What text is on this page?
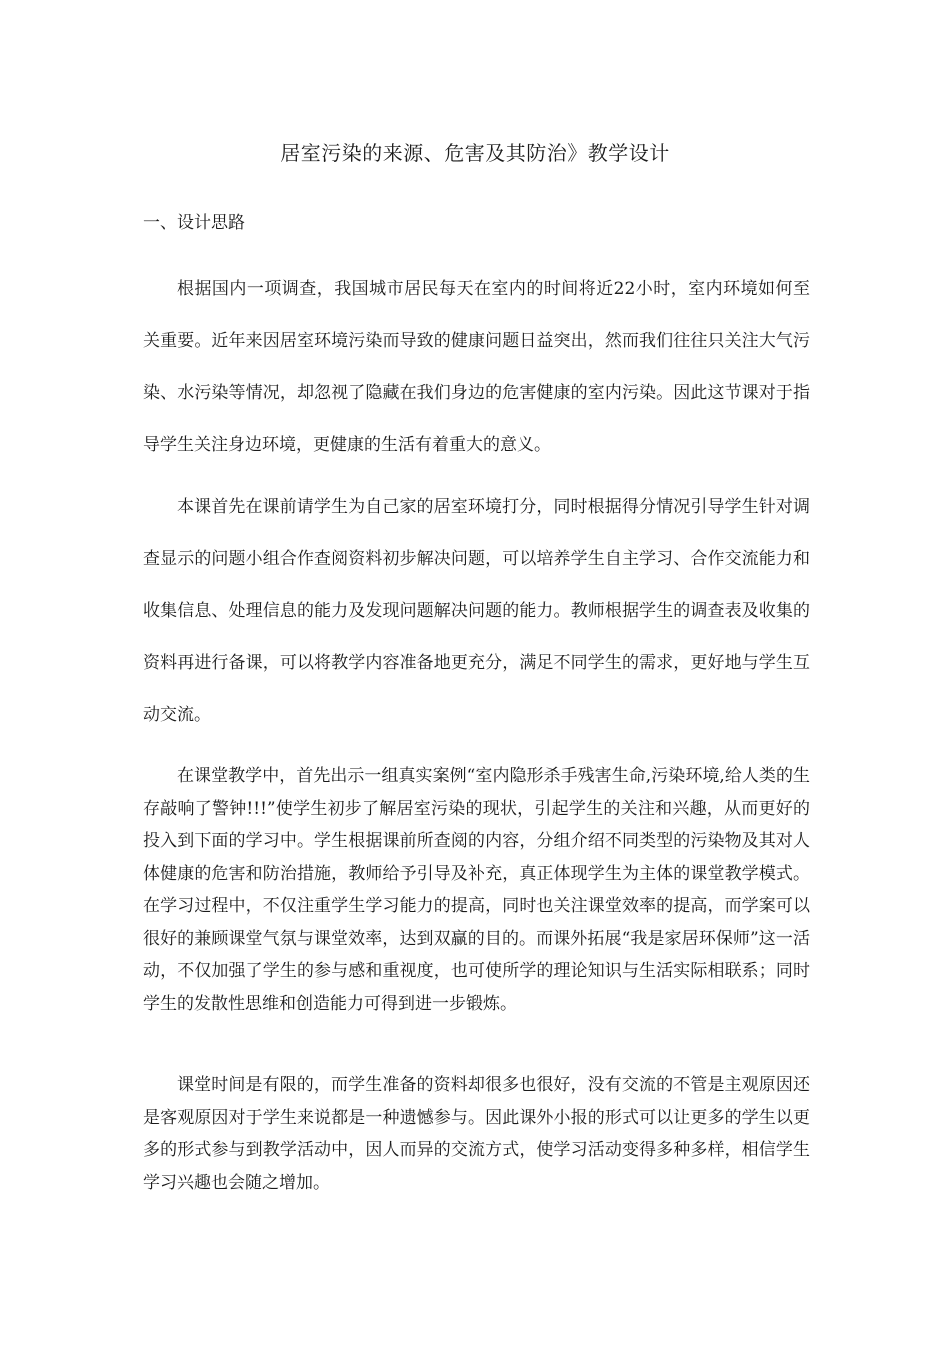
居室污染的来源、危害及其防治》教学设计
一、设计思路

根据国内一项调查，我国城市居民每天在室内的时间将近22小时，室内环境如何至关重要。近年来因居室环境污染而导致的健康问题日益突出，然而我们往往只关注大气污染、水污染等情况，却忽视了隐藏在我们身边的危害健康的室内污染。因此这节课对于指导学生关注身边环境，更健康的生活有着重大的意义。

本课首先在课前请学生为自己家的居室环境打分，同时根据得分情况引导学生针对调查显示的问题小组合作查阅资料初步解决问题，可以培养学生自主学习、合作交流能力和收集信息、处理信息的能力及发现问题解决问题的能力。教师根据学生的调查表及收集的资料再进行备课，可以将教学内容准备地更充分，满足不同学生的需求，更好地与学生互动交流。

在课堂教学中，首先出示一组真实案例“室内隐形杀手残害生命,污染环境,给人类的生存敲响了警钟!!!”使学生初步了解居室污染的现状，引起学生的关注和兴趣，从而更好的投入到下面的学习中。学生根据课前所查阅的内容，分组介绍不同类型的污染物及其对人体健康的危害和防治措施，教师给予引导及补充，真正体现学生为主体的课堂教学模式。在学习过程中，不仅注重学生学习能力的提高，同时也关注课堂效率的提高，而学案可以很好的兼顾课堂气氛与课堂效率，达到双赢的目的。而课外拓展“我是家居环保师”这一活动，不仅加强了学生的参与感和重视度，也可使所学的理论知识与生活实际相联系；同时学生的发散性思维和创造能力可得到进一步锻炼。

课堂时间是有限的，而学生准备的资料却很多也很好，没有交流的不管是主观原因还是客观原因对于学生来说都是一种遗憾参与。因此课外小报的形式可以让更多的学生以更多的形式参与到教学活动中，因人而异的交流方式，使学习活动变得多种多样，相信学生学习兴趣也会随之增加。
